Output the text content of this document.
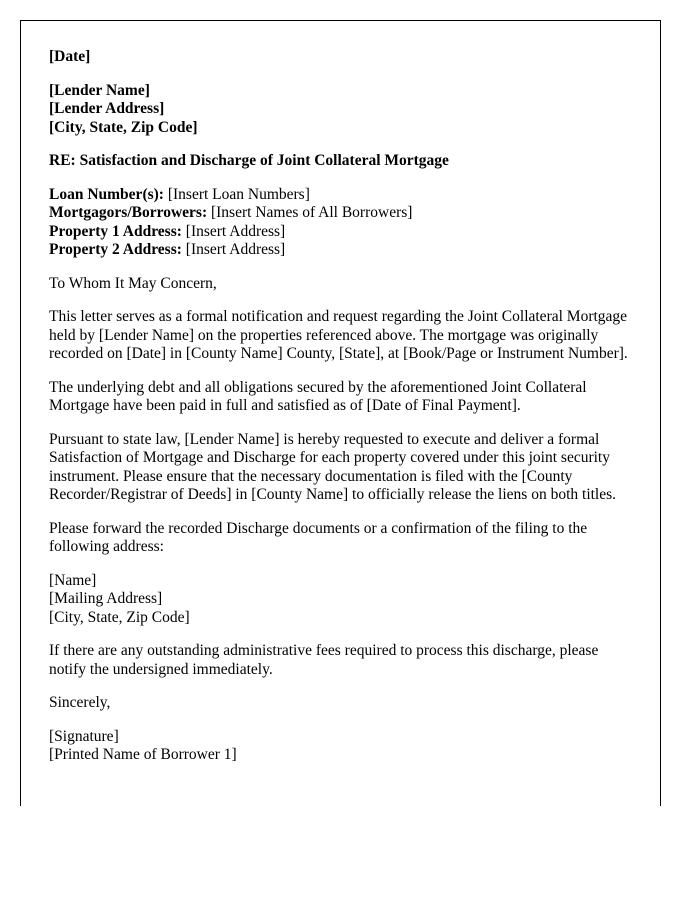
[Date]

[Lender Name]

[Lender Address]

[City, State, Zip Code]

RE: Satisfaction and Discharge of Joint Collateral Mortgage

Loan Number(s): [Insert Loan Numbers]

Mortgagors/Borrowers: [Insert Names of All Borrowers]

Property 1 Address: [Insert Address]

Property 2 Address: [Insert Address]

To Whom It May Concern,

This letter serves as a formal notification and request regarding the Joint Collateral Mortgage held by [Lender Name] on the properties referenced above. The mortgage was originally recorded on [Date] in [County Name] County, [State], at [Book/Page or Instrument Number].

The underlying debt and all obligations secured by the aforementioned Joint Collateral Mortgage have been paid in full and satisfied as of [Date of Final Payment].

Pursuant to state law, [Lender Name] is hereby requested to execute and deliver a formal Satisfaction of Mortgage and Discharge for each property covered under this joint security instrument. Please ensure that the necessary documentation is filed with the [County Recorder/Registrar of Deeds] in [County Name] to officially release the liens on both titles.

Please forward the recorded Discharge documents or a confirmation of the filing to the following address:

[Name]

[Mailing Address]

[City, State, Zip Code]

If there are any outstanding administrative fees required to process this discharge, please notify the undersigned immediately.

Sincerely,

[Signature]

[Printed Name of Borrower 1]
